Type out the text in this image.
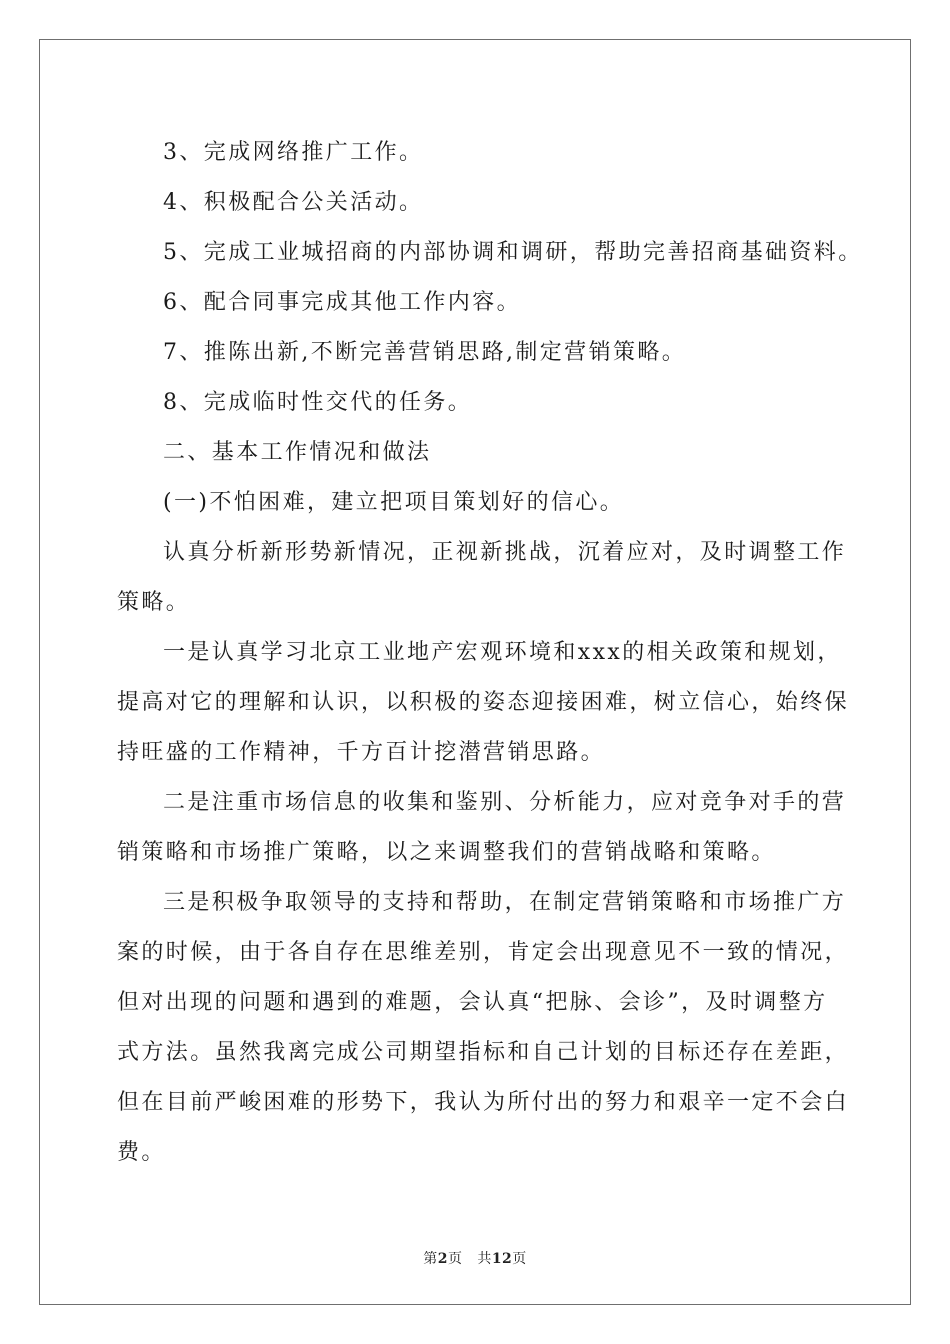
3、完成网络推广工作。
4、积极配合公关活动。
5、完成工业城招商的内部协调和调研，帮助完善招商基础资料。
6、配合同事完成其他工作内容。
7、推陈出新,不断完善营销思路,制定营销策略。
8、完成临时性交代的任务。
二、基本工作情况和做法
(一)不怕困难，建立把项目策划好的信心。
认真分析新形势新情况，正视新挑战，沉着应对，及时调整工作
策略。
一是认真学习北京工业地产宏观环境和xxx的相关政策和规划，
提高对它的理解和认识，以积极的姿态迎接困难，树立信心，始终保
持旺盛的工作精神，千方百计挖潜营销思路。
二是注重市场信息的收集和鉴别、分析能力，应对竞争对手的营
销策略和市场推广策略，以之来调整我们的营销战略和策略。
三是积极争取领导的支持和帮助，在制定营销策略和市场推广方
案的时候，由于各自存在思维差别，肯定会出现意见不一致的情况，
但对出现的问题和遇到的难题，会认真“把脉、会诊”，及时调整方
式方法。虽然我离完成公司期望指标和自己计划的目标还存在差距，
但在目前严峻困难的形势下，我认为所付出的努力和艰辛一定不会白
费。
第2页 共12页
